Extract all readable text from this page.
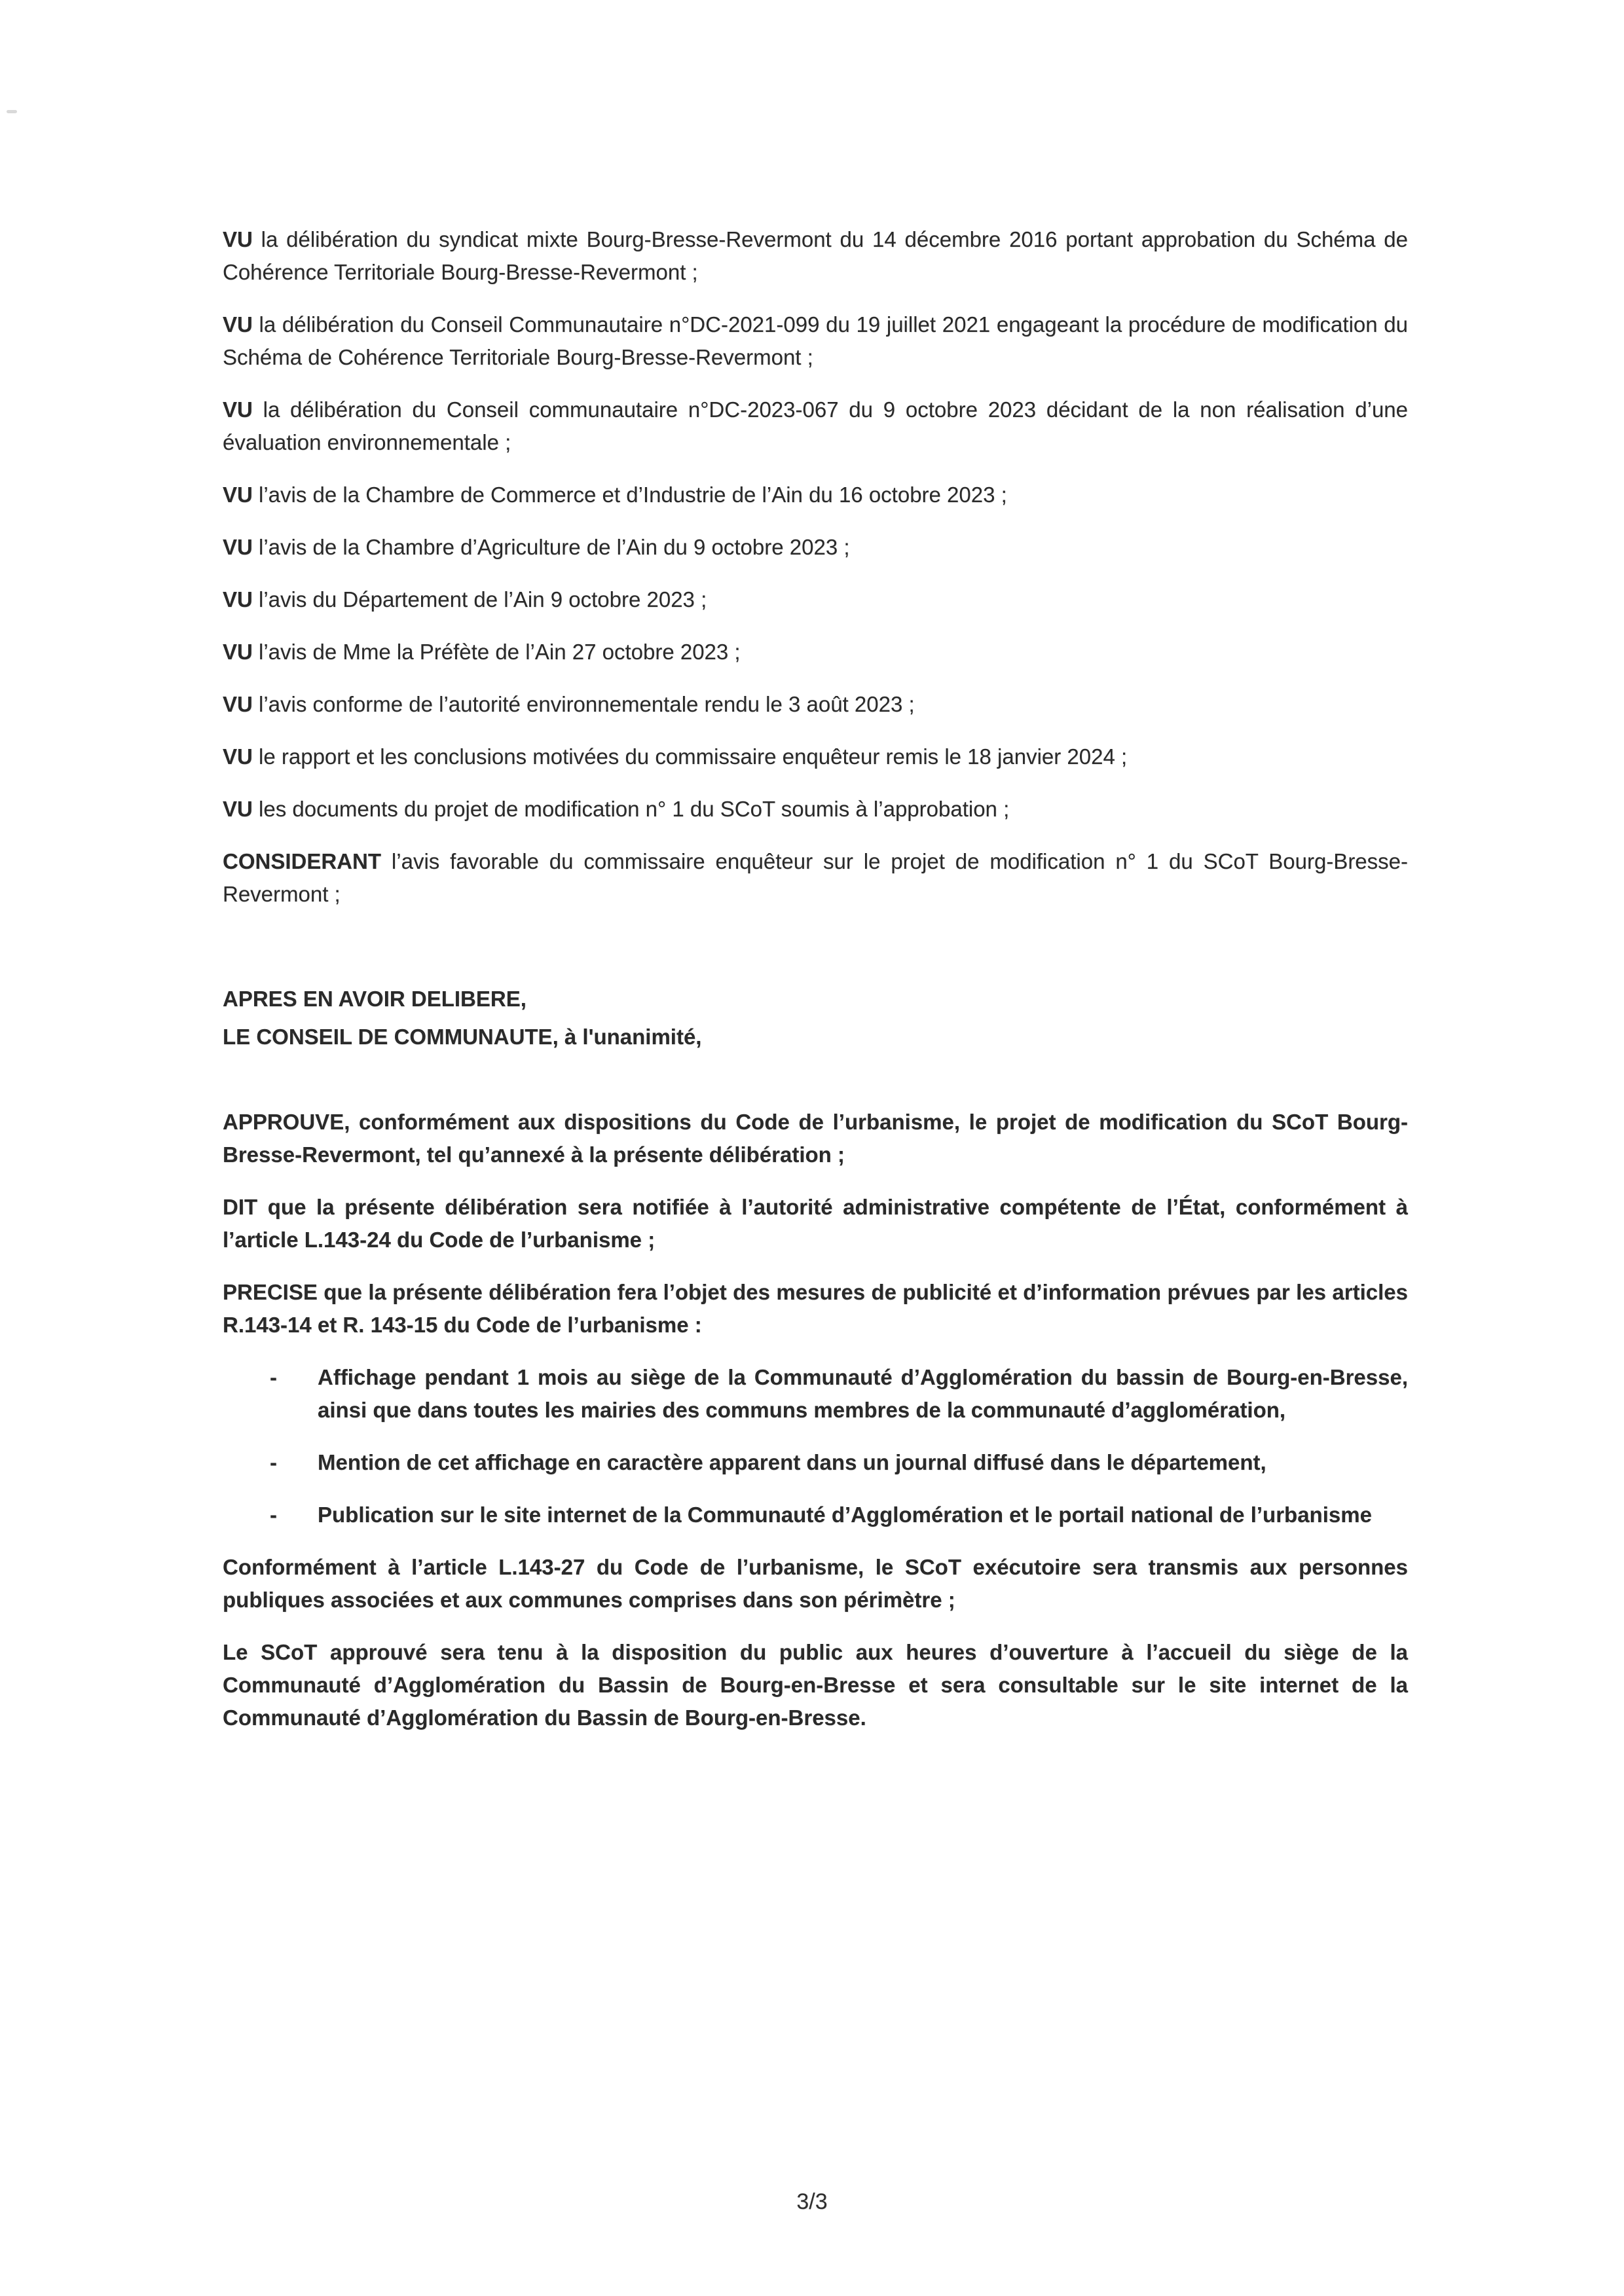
VU la délibération du syndicat mixte Bourg-Bresse-Revermont du 14 décembre 2016 portant approbation du Schéma de Cohérence Territoriale Bourg-Bresse-Revermont ;

VU la délibération du Conseil Communautaire n°DC-2021-099 du 19 juillet 2021 engageant la procédure de modification du Schéma de Cohérence Territoriale Bourg-Bresse-Revermont ;

VU la délibération du Conseil communautaire n°DC-2023-067 du 9 octobre 2023 décidant de la non réalisation d’une évaluation environnementale ;

VU l’avis de la Chambre de Commerce et d’Industrie de l’Ain du 16 octobre 2023 ;

VU l’avis de la Chambre d’Agriculture de l’Ain du 9 octobre 2023 ;

VU l’avis du Département de l’Ain 9 octobre 2023 ;

VU l’avis de Mme la Préfète de l’Ain 27 octobre 2023 ;

VU l’avis conforme de l’autorité environnementale rendu le 3 août 2023 ;

VU le rapport et les conclusions motivées du commissaire enquêteur remis le 18 janvier 2024 ;

VU les documents du projet de modification n° 1 du SCoT soumis à l’approbation ;

CONSIDERANT l’avis favorable du commissaire enquêteur sur le projet de modification n° 1 du SCoT Bourg-Bresse-Revermont ;

APRES EN AVOIR DELIBERE,

LE CONSEIL DE COMMUNAUTE, à l'unanimité,

APPROUVE, conformément aux dispositions du Code de l’urbanisme, le projet de modification du SCoT Bourg-Bresse-Revermont, tel qu’annexé à la présente délibération ;

DIT que la présente délibération sera notifiée à l’autorité administrative compétente de l’État, conformément à l’article L.143-24 du Code de l’urbanisme ;

PRECISE que la présente délibération fera l’objet des mesures de publicité et d’information prévues par les articles R.143-14 et R. 143-15 du Code de l’urbanisme :

-	Affichage pendant 1 mois au siège de la Communauté d’Agglomération du bassin de Bourg-en-Bresse, ainsi que dans toutes les mairies des communs membres de la communauté d’agglomération,

-	Mention de cet affichage en caractère apparent dans un journal diffusé dans le département,

-	Publication sur le site internet de la Communauté d’Agglomération et le portail national de l’urbanisme

Conformément à l’article L.143-27 du Code de l’urbanisme, le SCoT exécutoire sera transmis aux personnes publiques associées et aux communes comprises dans son périmètre ;

Le SCoT approuvé sera tenu à la disposition du public aux heures d’ouverture à l’accueil du siège de la Communauté d’Agglomération du Bassin de Bourg-en-Bresse et sera consultable sur le site internet de la Communauté d’Agglomération du Bassin de Bourg-en-Bresse.

3/3
